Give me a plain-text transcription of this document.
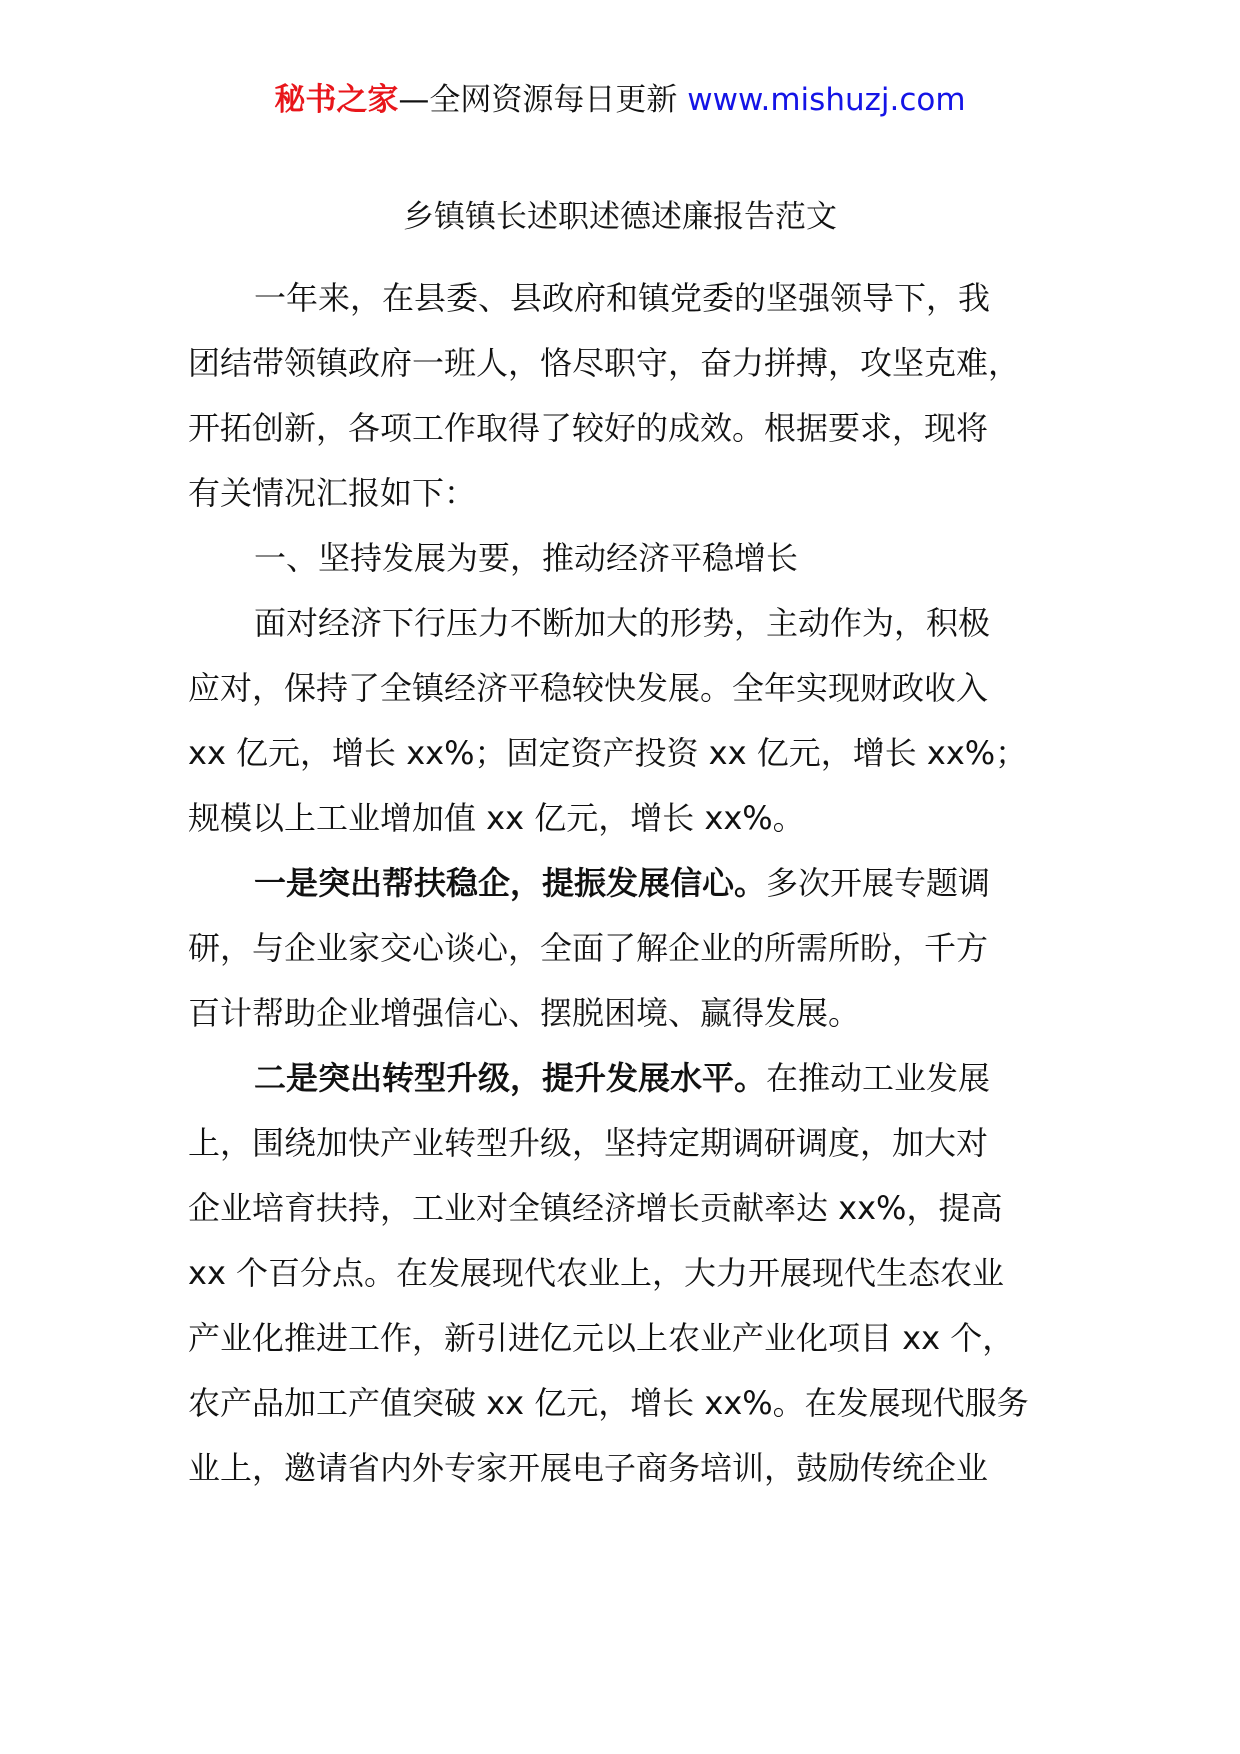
秘书之家—全网资源每日更新 www.mishuzj.com
乡镇镇长述职述德述廉报告范文
一年来，在县委、县政府和镇党委的坚强领导下，我
团结带领镇政府一班人，恪尽职守，奋力拼搏，攻坚克难，
开拓创新，各项工作取得了较好的成效。根据要求，现将
有关情况汇报如下：
一、坚持发展为要，推动经济平稳增长
面对经济下行压力不断加大的形势，主动作为，积极
应对，保持了全镇经济平稳较快发展。全年实现财政收入
xx 亿元，增长 xx%；固定资产投资 xx 亿元，增长 xx%；
规模以上工业增加值 xx 亿元，增长 xx%。
一是突出帮扶稳企，提振发展信心。多次开展专题调
研，与企业家交心谈心，全面了解企业的所需所盼，千方
百计帮助企业增强信心、摆脱困境、赢得发展。
二是突出转型升级，提升发展水平。在推动工业发展
上，围绕加快产业转型升级，坚持定期调研调度，加大对
企业培育扶持，工业对全镇经济增长贡献率达 xx%，提高
xx 个百分点。在发展现代农业上，大力开展现代生态农业
产业化推进工作，新引进亿元以上农业产业化项目 xx 个，
农产品加工产值突破 xx 亿元，增长 xx%。在发展现代服务
业上，邀请省内外专家开展电子商务培训，鼓励传统企业
